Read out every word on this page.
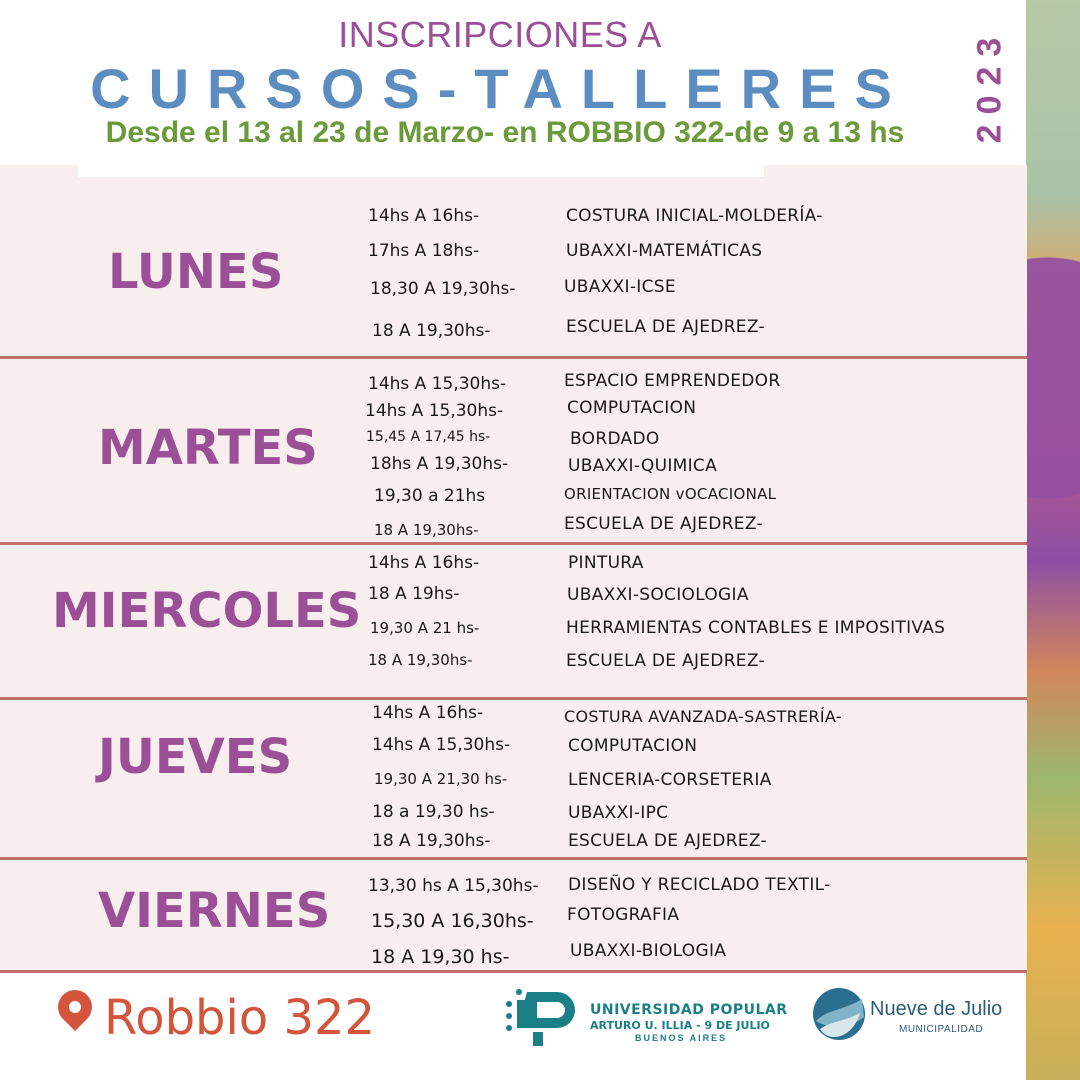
INSCRIPCIONES A
CURSOS-TALLERES
Desde el 13 al 23 de Marzo- en ROBBIO 322-de 9 a 13 hs	2023
LUNES
14hs A 16hs-	COSTURA INICIAL-MOLDERÍA-
17hs A 18hs-	UBAXXI-MATEMÁTICAS
18,30 A 19,30hs-	UBAXXI-ICSE
18 A 19,30hs-	ESCUELA DE AJEDREZ-
MARTES
14hs A 15,30hs-	ESPACIO EMPRENDEDOR
14hs A 15,30hs-	COMPUTACION
15,45 A 17,45 hs-	BORDADO
18hs A 19,30hs-	UBAXXI-QUIMICA
19,30 a 21hs	ORIENTACION vOCACIONAL
18 A 19,30hs-	ESCUELA DE AJEDREZ-
MIERCOLES
14hs A 16hs-	PINTURA
18 A 19hs-	UBAXXI-SOCIOLOGIA
19,30 A 21 hs-	HERRAMIENTAS CONTABLES E IMPOSITIVAS
18 A 19,30hs-	ESCUELA DE AJEDREZ-
JUEVES
14hs A 16hs-	COSTURA AVANZADA-SASTRERÍA-
14hs A 15,30hs-	COMPUTACION
19,30 A 21,30 hs-	LENCERIA-CORSETERIA
18 a 19,30 hs-	UBAXXI-IPC
18 A 19,30hs-	ESCUELA DE AJEDREZ-
VIERNES 13,30 hs A 15,30hs- DISEÑO Y RECICLADO TEXTIL-
15,30 A 16,30hs- FOTOGRAFIA
18 A 19,30 hs-	UBAXXI-BIOLOGIA
Robbio 322	UNIVERSIDAD POPULAR
ARTURO U. ILLIA - 9 DE JULIO
BUENOS AIRES
Nueve de Julio
MUNICIPALIDAD
